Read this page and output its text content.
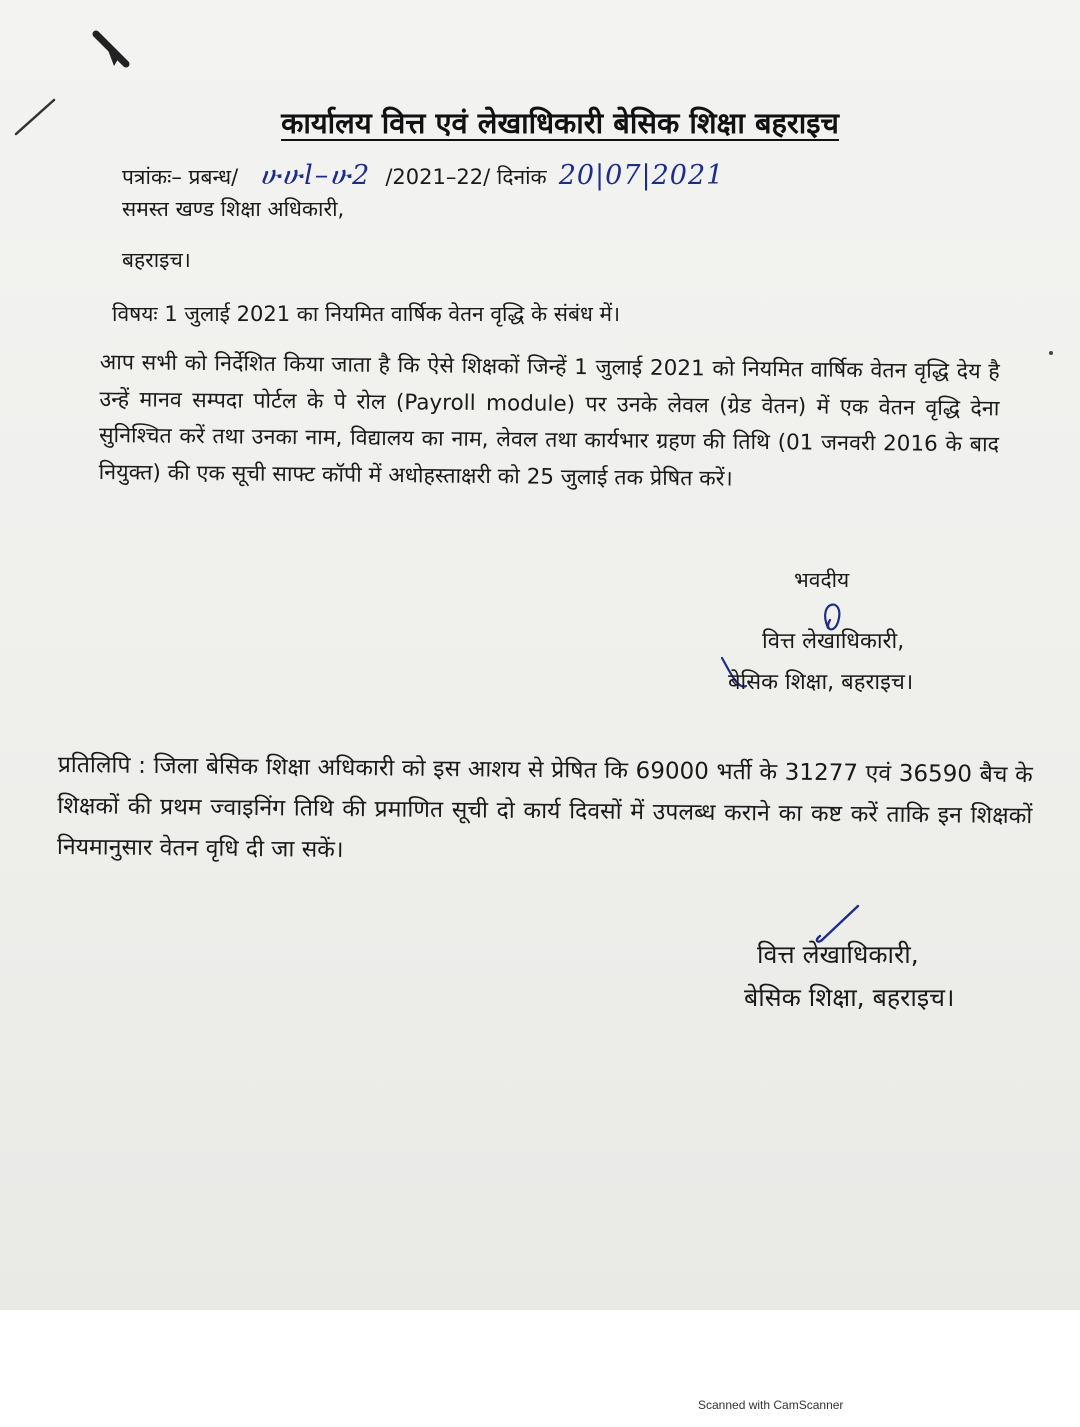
कार्यालय वित्त एवं लेखाधिकारी बेसिक शिक्षा बहराइच
पत्रांकः– प्रबन्ध/ ሁሁl–ሁ2 /2021–22/ दिनांक 20|07|2021
समस्त खण्ड शिक्षा अधिकारी,
बहराइच।
विषयः 1 जुलाई 2021 का नियमित वार्षिक वेतन वृद्धि के संबंध में।
आप सभी को निर्देशित किया जाता है कि ऐसे शिक्षकों जिन्हें 1 जुलाई 2021 को नियमित वार्षिक वेतन वृद्धि देय है उन्हें मानव सम्पदा पोर्टल के पे रोल (Payroll module) पर उनके लेवल (ग्रेड वेतन) में एक वेतन वृद्धि देना सुनिश्चित करें तथा उनका नाम, विद्यालय का नाम, लेवल तथा कार्यभार ग्रहण की तिथि (01 जनवरी 2016 के बाद नियुक्त) की एक सूची साफ्ट कॉपी में अधोहस्ताक्षरी को 25 जुलाई तक प्रेषित करें।
भवदीय
वित्त लेखाधिकारी,
बेसिक शिक्षा, बहराइच।
प्रतिलिपि : जिला बेसिक शिक्षा अधिकारी को इस आशय से प्रेषित कि 69000 भर्ती के 31277 एवं 36590 बैच के शिक्षकों की प्रथम ज्वाइनिंग तिथि की प्रमाणित सूची दो कार्य दिवसों में उपलब्ध कराने का कष्ट करें ताकि इन शिक्षकों नियमानुसार वेतन वृधि दी जा सकें।
वित्त लेखाधिकारी,
बेसिक शिक्षा, बहराइच।
Scanned with CamScanner
